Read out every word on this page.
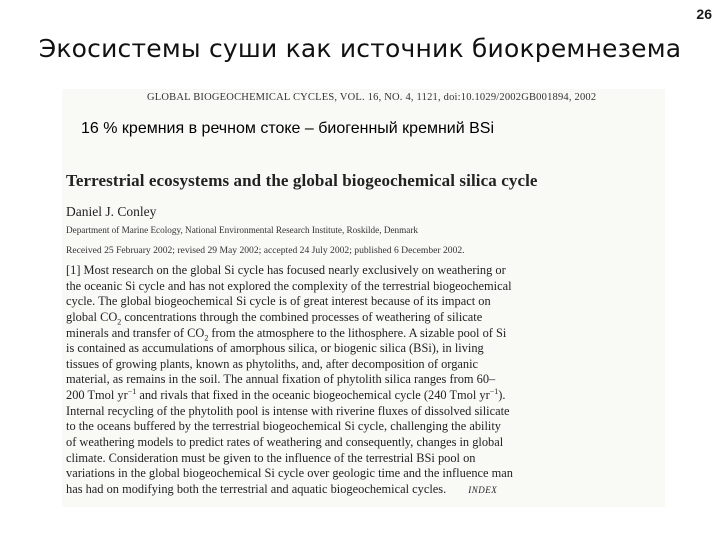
26
Экосистемы суши как источник биокремнезема
GLOBAL BIOGEOCHEMICAL CYCLES, VOL. 16, NO. 4, 1121, doi:10.1029/2002GB001894, 2002
16 % кремния в речном стоке – биогенный кремний BSi
Terrestrial ecosystems and the global biogeochemical silica cycle
Daniel J. Conley
Department of Marine Ecology, National Environmental Research Institute, Roskilde, Denmark
Received 25 February 2002; revised 29 May 2002; accepted 24 July 2002; published 6 December 2002.
[1] Most research on the global Si cycle has focused nearly exclusively on weathering or
the oceanic Si cycle and has not explored the complexity of the terrestrial biogeochemical
cycle. The global biogeochemical Si cycle is of great interest because of its impact on
global $CO_2$ concentrations through the combined processes of weathering of silicate
minerals and transfer of $CO_2$ from the atmosphere to the lithosphere. A sizable pool of Si
is contained as accumulations of amorphous silica, or biogenic silica (BSi), in living
tissues of growing plants, known as phytoliths, and, after decomposition of organic
material, as remains in the soil. The annual fixation of phytolith silica ranges from 60–
200 Tmol $yr^{-1}$ and rivals that fixed in the oceanic biogeochemical cycle (240 Tmol $yr^{-1}$).
Internal recycling of the phytolith pool is intense with riverine fluxes of dissolved silicate
to the oceans buffered by the terrestrial biogeochemical Si cycle, challenging the ability
of weathering models to predict rates of weathering and consequently, changes in global
climate. Consideration must be given to the influence of the terrestrial BSi pool on
variations in the global biogeochemical Si cycle over geologic time and the influence man
has had on modifying both the terrestrial and aquatic biogeochemical cycles. INDEX
